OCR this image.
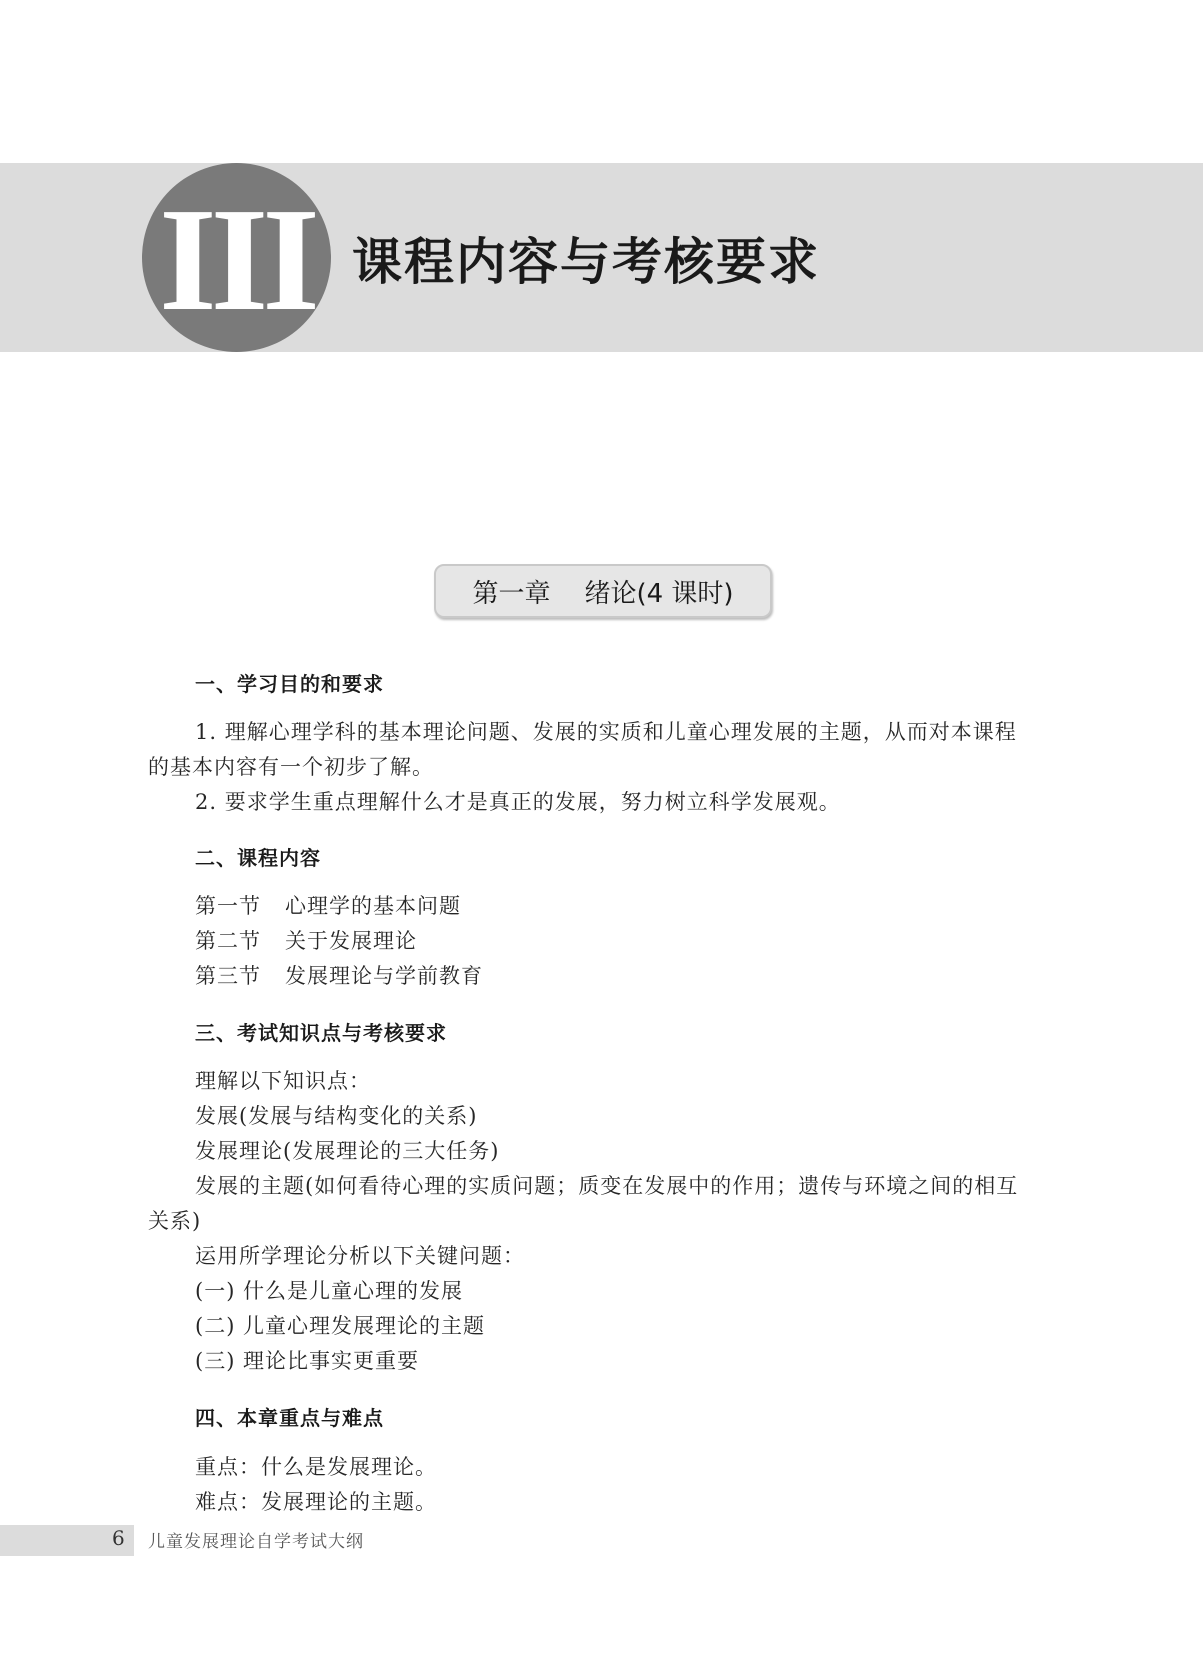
III 课程内容与考核要求
第一章 绪论(4 课时)
一、学习目的和要求
1. 理解心理学科的基本理论问题、发展的实质和儿童心理发展的主题，从而对本课程
的基本内容有一个初步了解。
2. 要求学生重点理解什么才是真正的发展，努力树立科学发展观。
二、课程内容
第一节 心理学的基本问题
第二节 关于发展理论
第三节 发展理论与学前教育
三、考试知识点与考核要求
理解以下知识点：
发展(发展与结构变化的关系)
发展理论(发展理论的三大任务)
发展的主题(如何看待心理的实质问题；质变在发展中的作用；遗传与环境之间的相互
关系)
运用所学理论分析以下关键问题：
(一) 什么是儿童心理的发展
(二) 儿童心理发展理论的主题
(三) 理论比事实更重要
四、本章重点与难点
重点：什么是发展理论。
难点：发展理论的主题。
6 儿童发展理论自学考试大纲
